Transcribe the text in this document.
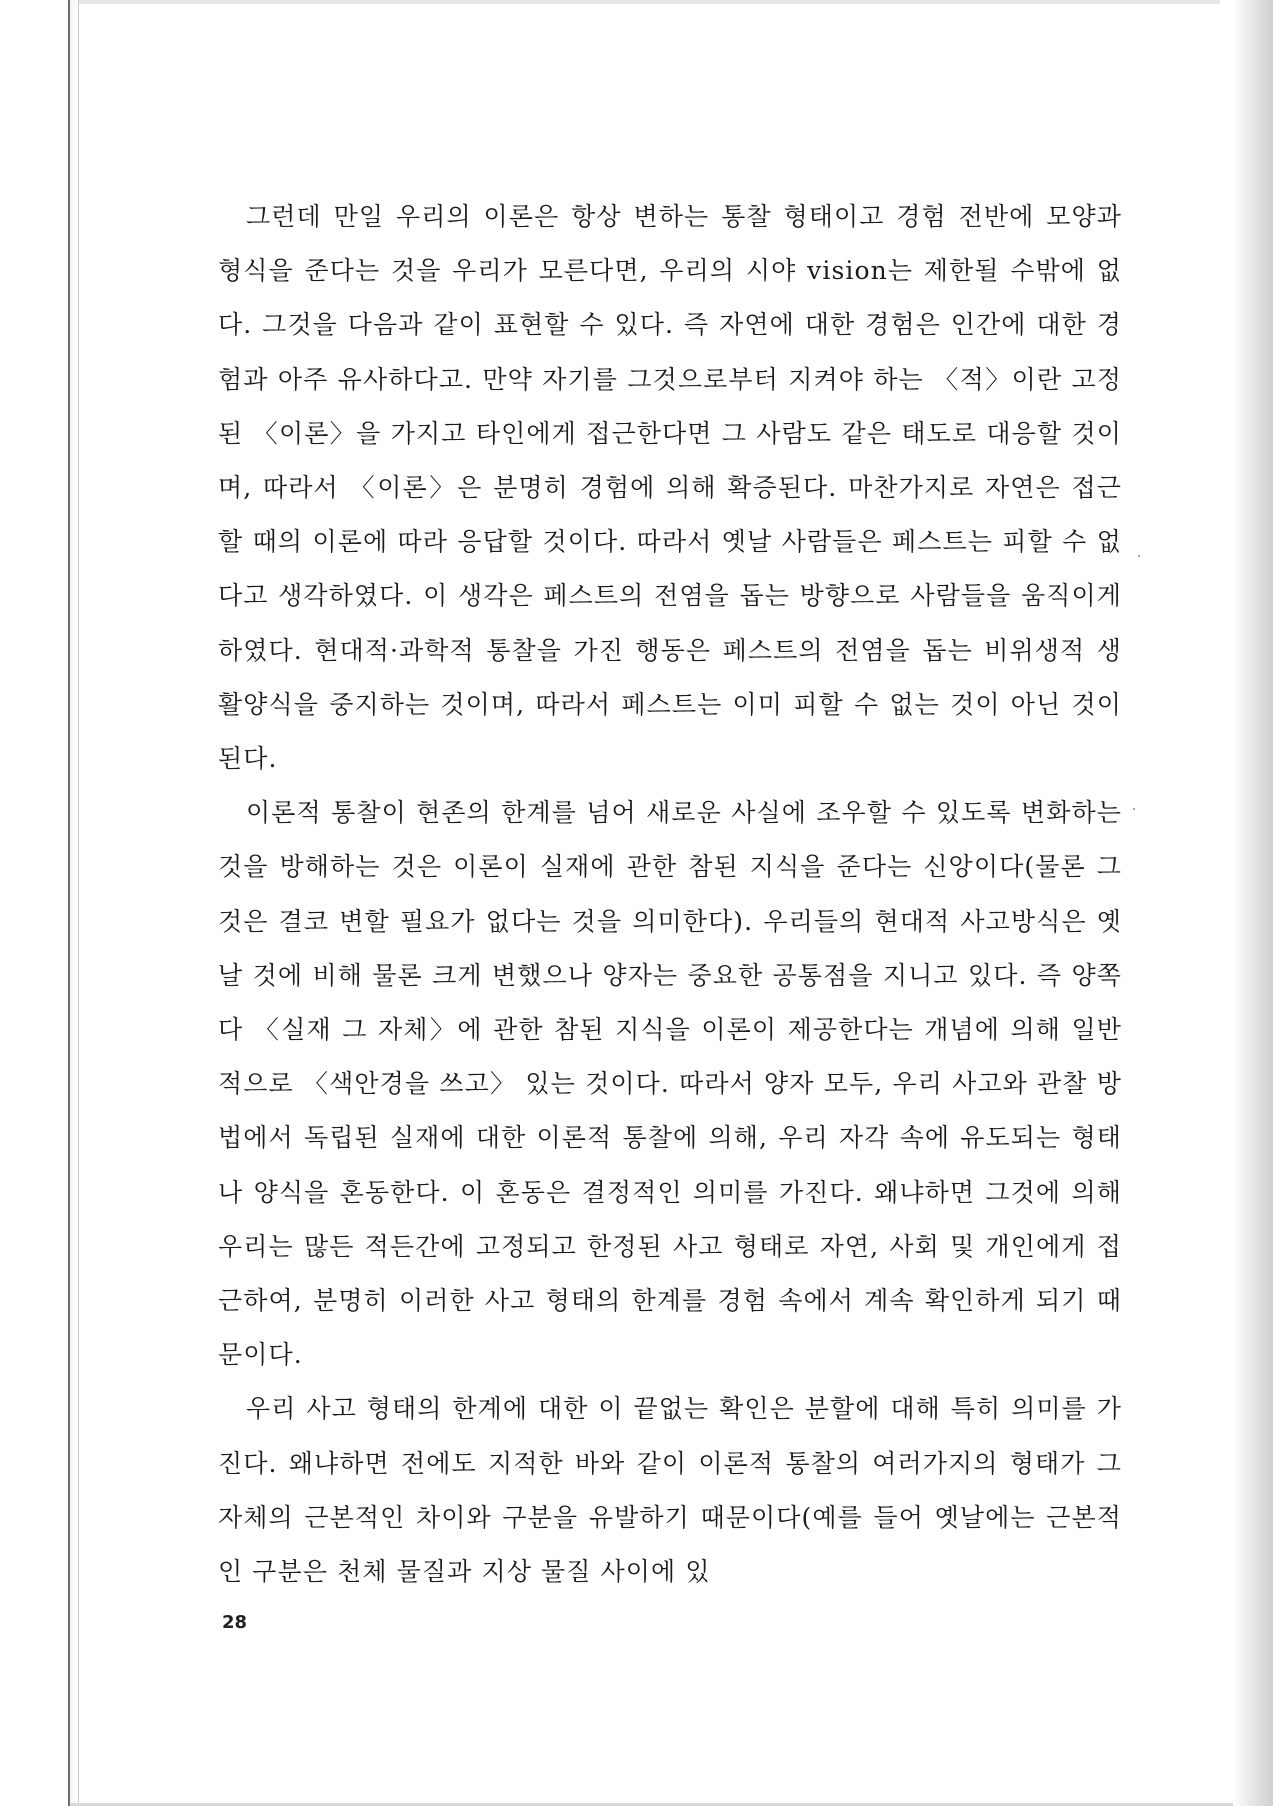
그런데 만일 우리의 이론은 항상 변하는 통찰 형태이고 경험 전반에 모양과 형식을 준다는 것을 우리가 모른다면, 우리의 시야 vision는 제한될 수밖에 없다. 그것을 다음과 같이 표현할 수 있다. 즉 자연에 대한 경험은 인간에 대한 경험과 아주 유사하다고. 만약 자기를 그것으로부터 지켜야 하는 〈적〉이란 고정된 〈이론〉을 가지고 타인에게 접근한다면 그 사람도 같은 태도로 대응할 것이며, 따라서 〈이론〉은 분명히 경험에 의해 확증된다. 마찬가지로 자연은 접근할 때의 이론에 따라 응답할 것이다. 따라서 옛날 사람들은 페스트는 피할 수 없다고 생각하였다. 이 생각은 페스트의 전염을 돕는 방향으로 사람들을 움직이게 하였다. 현대적·과학적 통찰을 가진 행동은 페스트의 전염을 돕는 비위생적 생활양식을 중지하는 것이며, 따라서 페스트는 이미 피할 수 없는 것이 아닌 것이 된다.

이론적 통찰이 현존의 한계를 넘어 새로운 사실에 조우할 수 있도록 변화하는 것을 방해하는 것은 이론이 실재에 관한 참된 지식을 준다는 신앙이다(물론 그것은 결코 변할 필요가 없다는 것을 의미한다). 우리들의 현대적 사고방식은 옛날 것에 비해 물론 크게 변했으나 양자는 중요한 공통점을 지니고 있다. 즉 양쪽 다 〈실재 그 자체〉에 관한 참된 지식을 이론이 제공한다는 개념에 의해 일반적으로 〈색안경을 쓰고〉 있는 것이다. 따라서 양자 모두, 우리 사고와 관찰 방법에서 독립된 실재에 대한 이론적 통찰에 의해, 우리 자각 속에 유도되는 형태나 양식을 혼동한다. 이 혼동은 결정적인 의미를 가진다. 왜냐하면 그것에 의해 우리는 많든 적든간에 고정되고 한정된 사고 형태로 자연, 사회 및 개인에게 접근하여, 분명히 이러한 사고 형태의 한계를 경험 속에서 계속 확인하게 되기 때문이다.

우리 사고 형태의 한계에 대한 이 끝없는 확인은 분할에 대해 특히 의미를 가진다. 왜냐하면 전에도 지적한 바와 같이 이론적 통찰의 여러가지의 형태가 그 자체의 근본적인 차이와 구분을 유발하기 때문이다(예를 들어 옛날에는 근본적인 구분은 천체 물질과 지상 물질 사이에 있

28
